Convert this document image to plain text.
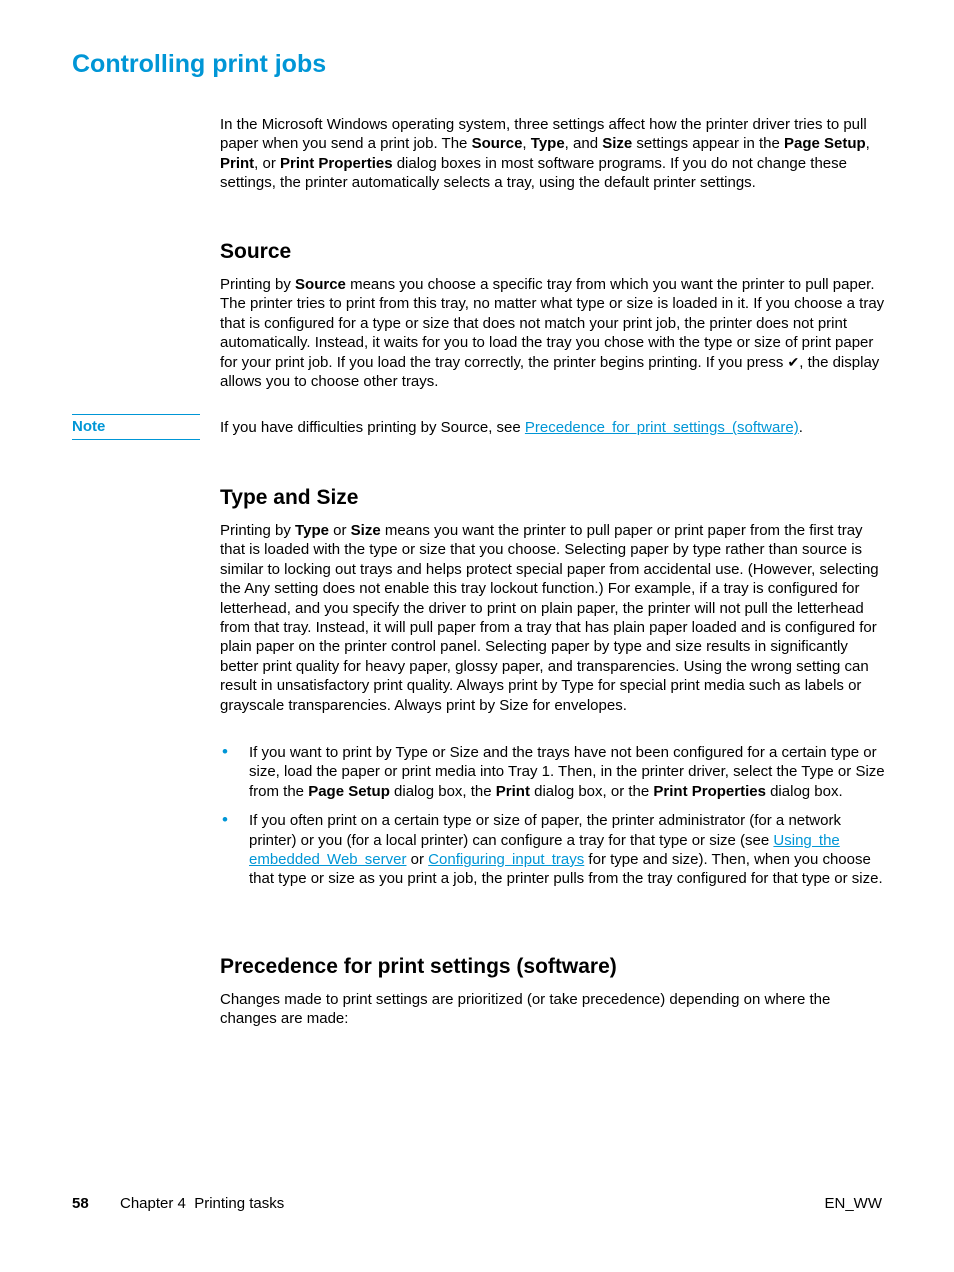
Controlling print jobs

In the Microsoft Windows operating system, three settings affect how the printer driver tries to pull paper when you send a print job. The Source, Type, and Size settings appear in the Page Setup, Print, or Print Properties dialog boxes in most software programs. If you do not change these settings, the printer automatically selects a tray, using the default printer settings.

Source

Printing by Source means you choose a specific tray from which you want the printer to pull paper. The printer tries to print from this tray, no matter what type or size is loaded in it. If you choose a tray that is configured for a type or size that does not match your print job, the printer does not print automatically. Instead, it waits for you to load the tray you chose with the type or size of print paper for your print job. If you load the tray correctly, the printer begins printing. If you press ✔, the display allows you to choose other trays.

Note	If you have difficulties printing by Source, see Precedence for print settings (software).

Type and Size

Printing by Type or Size means you want the printer to pull paper or print paper from the first tray that is loaded with the type or size that you choose. Selecting paper by type rather than source is similar to locking out trays and helps protect special paper from accidental use. (However, selecting the Any setting does not enable this tray lockout function.) For example, if a tray is configured for letterhead, and you specify the driver to print on plain paper, the printer will not pull the letterhead from that tray. Instead, it will pull paper from a tray that has plain paper loaded and is configured for plain paper on the printer control panel. Selecting paper by type and size results in significantly better print quality for heavy paper, glossy paper, and transparencies. Using the wrong setting can result in unsatisfactory print quality. Always print by Type for special print media such as labels or grayscale transparencies. Always print by Size for envelopes.

• If you want to print by Type or Size and the trays have not been configured for a certain type or size, load the paper or print media into Tray 1. Then, in the printer driver, select the Type or Size from the Page Setup dialog box, the Print dialog box, or the Print Properties dialog box.
• If you often print on a certain type or size of paper, the printer administrator (for a network printer) or you (for a local printer) can configure a tray for that type or size (see Using the embedded Web server or Configuring input trays for type and size). Then, when you choose that type or size as you print a job, the printer pulls from the tray configured for that type or size.
Precedence for print settings (software)

Changes made to print settings are prioritized (or take precedence) depending on where the changes are made:

58 Chapter 4  Printing tasks	EN_WW
